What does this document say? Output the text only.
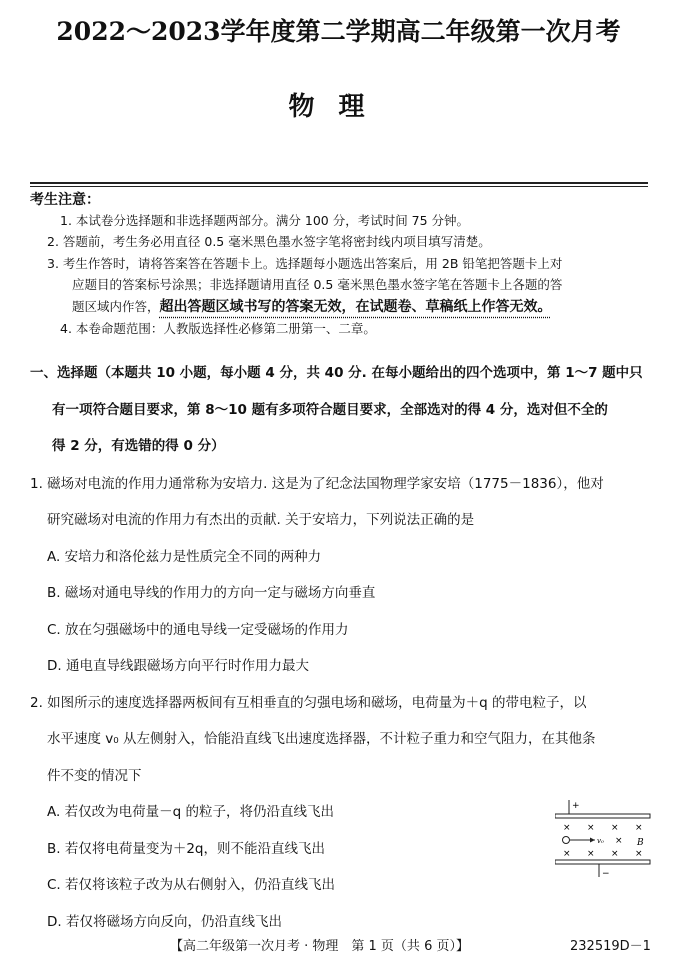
2022～2023学年度第二学期高二年级第一次月考
物理
考生注意：
1. 本试卷分选择题和非选择题两部分。满分 100 分，考试时间 75 分钟。
2. 答题前，考生务必用直径 0.5 毫米黑色墨水签字笔将密封线内项目填写清楚。
3. 考生作答时，请将答案答在答题卡上。选择题每小题选出答案后，用 2B 铅笔把答题卡上对
应题目的答案标号涂黑；非选择题请用直径 0.5 毫米黑色墨水签字笔在答题卡上各题的答
题区域内作答，超出答题区域书写的答案无效，在试题卷、草稿纸上作答无效。
4. 本卷命题范围：人教版选择性必修第二册第一、二章。
一、选择题（本题共 10 小题，每小题 4 分，共 40 分. 在每小题给出的四个选项中，第 1～7 题中只
有一项符合题目要求，第 8～10 题有多项符合题目要求，全部选对的得 4 分，选对但不全的
得 2 分，有选错的得 0 分）
1. 磁场对电流的作用力通常称为安培力. 这是为了纪念法国物理学家安培（1775－1836），他对
研究磁场对电流的作用力有杰出的贡献. 关于安培力，下列说法正确的是
A. 安培力和洛伦兹力是性质完全不同的两种力
B. 磁场对通电导线的作用力的方向一定与磁场方向垂直
C. 放在匀强磁场中的通电导线一定受磁场的作用力
D. 通电直导线跟磁场方向平行时作用力最大
2. 如图所示的速度选择器两板间有互相垂直的匀强电场和磁场，电荷量为＋q 的带电粒子，以
水平速度 v₀ 从左侧射入，恰能沿直线飞出速度选择器，不计粒子重力和空气阻力，在其他条
件不变的情况下
A. 若仅改为电荷量－q 的粒子，将仍沿直线飞出
B. 若仅将电荷量变为＋2q，则不能沿直线飞出
C. 若仅将该粒子改为从右侧射入，仍沿直线飞出
D. 若仅将磁场方向反向，仍沿直线飞出
+
× × × ×
v₀ × B
× × × ×
−
【高二年级第一次月考 · 物理　第 1 页（共 6 页）】	232519D－1
